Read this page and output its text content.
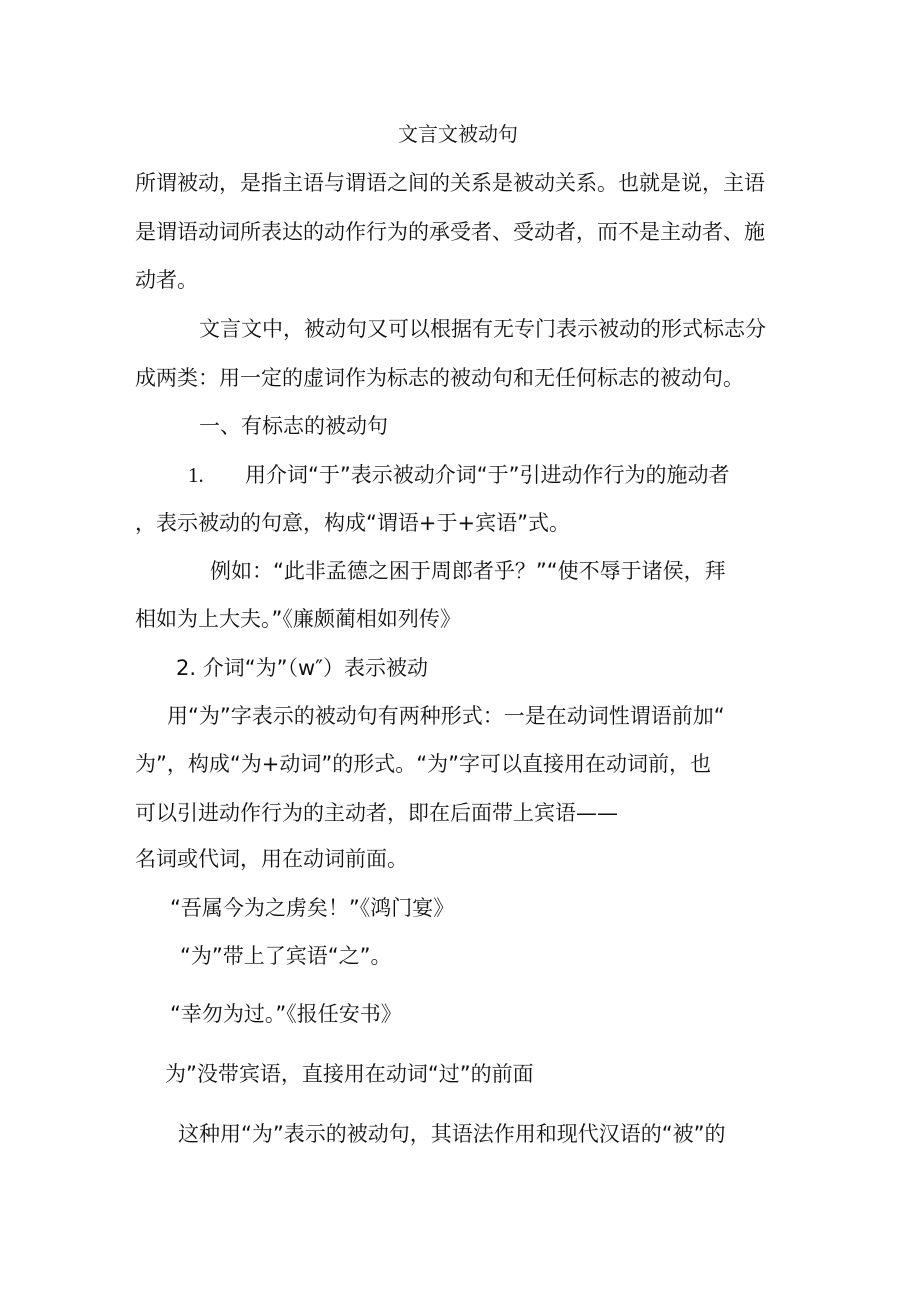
文言文被动句
所谓被动，是指主语与谓语之间的关系是被动关系。也就是说，主语
是谓语动词所表达的动作行为的承受者、受动者，而不是主动者、施
动者。
文言文中，被动句又可以根据有无专门表示被动的形式标志分
成两类：用一定的虚词作为标志的被动句和无任何标志的被动句。
一、有标志的被动句
1. 用介词“于”表示被动介词“于”引进动作行为的施动者
，表示被动的句意，构成“谓语+于+宾语”式。
例如：“此非孟德之困于周郎者乎？”“使不辱于诸侯，拜
相如为上大夫。”《廉颇蔺相如列传》
2. 介词“为”（w″）表示被动
用“为”字表示的被动句有两种形式：一是在动词性谓语前加“
为”，构成“为+动词”的形式。“为”字可以直接用在动词前，也
可以引进动作行为的主动者，即在后面带上宾语——
名词或代词，用在动词前面。
“吾属今为之虏矣！”《鸿门宴》
“为”带上了宾语“之”。
“幸勿为过。”《报任安书》
为”没带宾语，直接用在动词“过”的前面
这种用“为”表示的被动句，其语法作用和现代汉语的“被”的
